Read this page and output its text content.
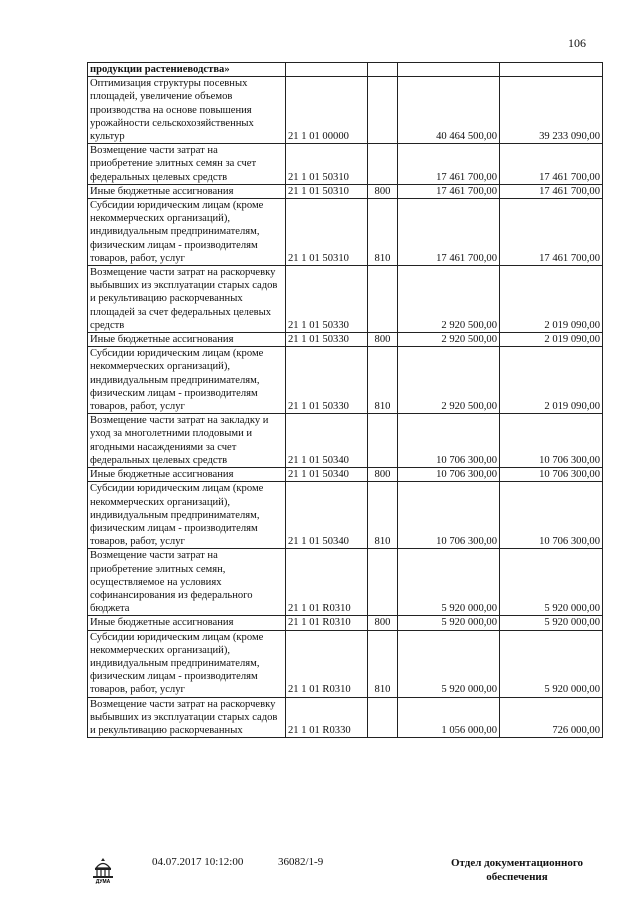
106
продукции растениеводства»				
Оптимизация структуры посевных площадей, увеличение объемов производства на основе повышения урожайности сельскохозяйственных культур	21 1 01 00000		40 464 500,00	39 233 090,00
Возмещение части затрат на приобретение элитных семян за счет федеральных целевых средств	21 1 01 50310		17 461 700,00	17 461 700,00
Иные бюджетные ассигнования	21 1 01 50310	800	17 461 700,00	17 461 700,00
Субсидии юридическим лицам (кроме некоммерческих организаций), индивидуальным предпринимателям, физическим лицам - производителям товаров, работ, услуг	21 1 01 50310	810	17 461 700,00	17 461 700,00
Возмещение части затрат на раскорчевку выбывших из эксплуатации старых садов и рекультивацию раскорчеванных площадей за счет федеральных целевых средств	21 1 01 50330		2 920 500,00	2 019 090,00
Иные бюджетные ассигнования	21 1 01 50330	800	2 920 500,00	2 019 090,00
Субсидии юридическим лицам (кроме некоммерческих организаций), индивидуальным предпринимателям, физическим лицам - производителям товаров, работ, услуг	21 1 01 50330	810	2 920 500,00	2 019 090,00
Возмещение части затрат на закладку и уход за многолетними плодовыми и ягодными насаждениями за счет федеральных целевых средств	21 1 01 50340		10 706 300,00	10 706 300,00
Иные бюджетные ассигнования	21 1 01 50340	800	10 706 300,00	10 706 300,00
Субсидии юридическим лицам (кроме некоммерческих организаций), индивидуальным предпринимателям, физическим лицам - производителям товаров, работ, услуг	21 1 01 50340	810	10 706 300,00	10 706 300,00
Возмещение части затрат на приобретение элитных семян, осуществляемое на условиях софинансирования из федерального бюджета	21 1 01 R0310		5 920 000,00	5 920 000,00
Иные бюджетные ассигнования	21 1 01 R0310	800	5 920 000,00	5 920 000,00
Субсидии юридическим лицам (кроме некоммерческих организаций), индивидуальным предпринимателям, физическим лицам - производителям товаров, работ, услуг	21 1 01 R0310	810	5 920 000,00	5 920 000,00
Возмещение части затрат на раскорчевку выбывших из эксплуатации старых садов и рекультивацию раскорчеванных	21 1 01 R0330		1 056 000,00	726 000,00
ДУМА
04.07.2017 10:12:00	36082/1-9	Отдел документационного обеспечения
